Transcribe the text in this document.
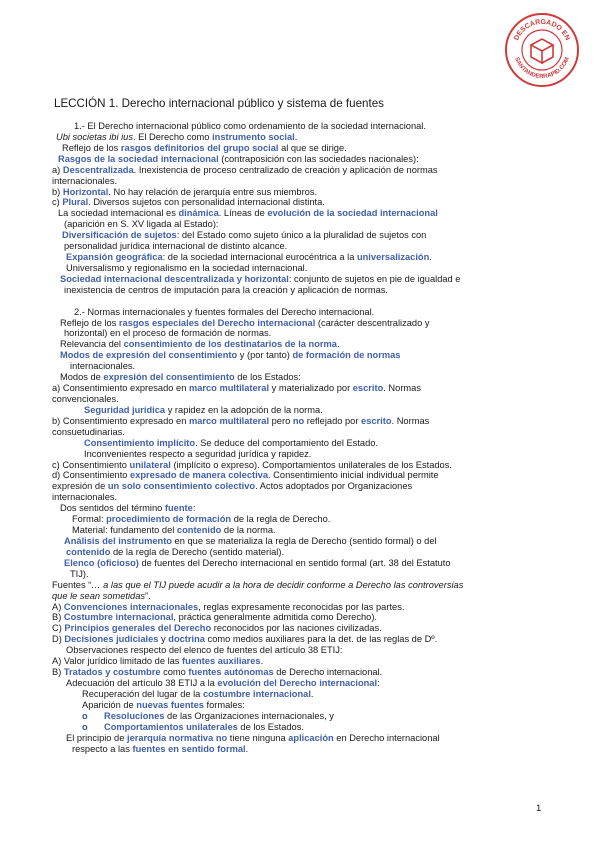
DESCARGADO EN
SANTANDERRAPID.COM
LECCIÓN 1. Derecho internacional público y sistema de fuentes
1.- El Derecho internacional público como ordenamiento de la sociedad internacional.
Ubi societas ibi ius. El Derecho como instrumento social.
Reflejo de los rasgos definitorios del grupo social al que se dirige.
Rasgos de la sociedad internacional (contraposición con las sociedades nacionales):
a) Descentralizada. Inexistencia de proceso centralizado de creación y aplicación de normas
internacionales.
b) Horizontal. No hay relación de jerarquía entre sus miembros.
c) Plural. Diversos sujetos con personalidad internacional distinta.
La sociedad internacional es dinámica. Líneas de evolución de la sociedad internacional
(aparición en S. XV ligada al Estado):
Diversificación de sujetos: del Estado como sujeto único a la pluralidad de sujetos con
personalidad jurídica internacional de distinto alcance.
Expansión geográfica: de la sociedad internacional eurocéntrica a la universalización.
Universalismo y regionalismo en la sociedad internacional.
Sociedad internacional descentralizada y horizontal: conjunto de sujetos en pie de igualdad e
inexistencia de centros de imputación para la creación y aplicación de normas.
2.- Normas internacionales y fuentes formales del Derecho internacional.
Reflejo de los rasgos especiales del Derecho internacional (carácter descentralizado y
horizontal) en el proceso de formación de normas.
Relevancia del consentimiento de los destinatarios de la norma.
Modos de expresión del consentimiento y (por tanto) de formación de normas
internacionales.
Modos de expresión del consentimiento de los Estados:
a) Consentimiento expresado en marco multilateral y materializado por escrito. Normas
convencionales.
Seguridad jurídica y rapidez en la adopción de la norma.
b) Consentimiento expresado en marco multilateral pero no reflejado por escrito. Normas
consuetudinarias.
Consentimiento implícito. Se deduce del comportamiento del Estado.
Inconvenientes respecto a seguridad jurídica y rapidez.
c) Consentimiento unilateral (implícito o expreso). Comportamientos unilaterales de los Estados.
d) Consentimiento expresado de manera colectiva. Consentimiento inicial individual permite
expresión de un solo consentimiento colectivo. Actos adoptados por Organizaciones
internacionales.
Dos sentidos del término fuente:
Formal: procedimiento de formación de la regla de Derecho.
Material: fundamento del contenido de la norma.
Análisis del instrumento en que se materializa la regla de Derecho (sentido formal) o del
contenido de la regla de Derecho (sentido material).
Elenco (oficioso) de fuentes del Derecho internacional en sentido formal (art. 38 del Estatuto
TIJ).
Fuentes “… a las que el TIJ puede acudir a la hora de decidir conforme a Derecho las controversias
que le sean sometidas”.
A) Convenciones internacionales, reglas expresamente reconocidas por las partes.
B) Costumbre internacional, práctica generalmente admitida como Derecho).
C) Principios generales del Derecho reconocidos por las naciones civilizadas.
D) Decisiones judiciales y doctrina como medios auxiliares para la det. de las reglas de Dº.
Observaciones respecto del elenco de fuentes del artículo 38 ETIJ:
A) Valor jurídico limitado de las fuentes auxiliares.
B) Tratados y costumbre como fuentes autónomas de Derecho internacional.
Adecuación del artículo 38 ETIJ a la evolución del Derecho internacional:
Recuperación del lugar de la costumbre internacional.
Aparición de nuevas fuentes formales:
o Resoluciones de las Organizaciones internacionales, y
o Comportamientos unilaterales de los Estados.
El principio de jerarquía normativa no tiene ninguna aplicación en Derecho internacional
respecto a las fuentes en sentido formal.
1
